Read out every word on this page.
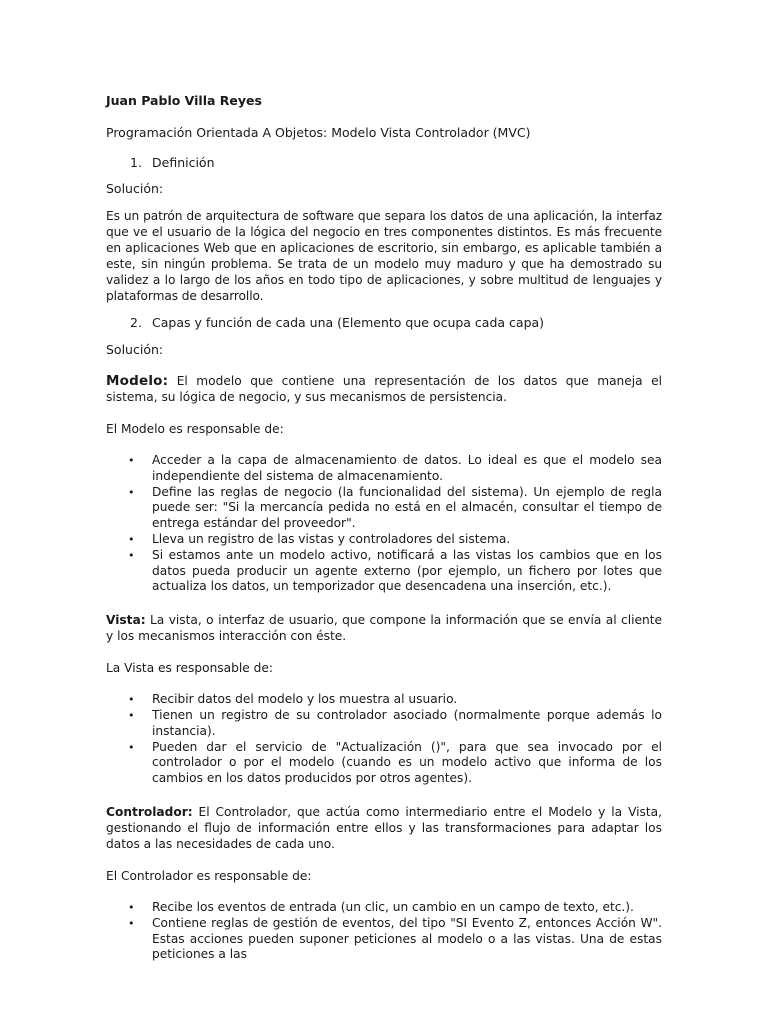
Juan Pablo Villa Reyes

Programación Orientada A Objetos: Modelo Vista Controlador (MVC)

1. Definición

Solución:

Es un patrón de arquitectura de software que separa los datos de una aplicación, la interfaz que ve el usuario de la lógica del negocio en tres componentes distintos. Es más frecuente en aplicaciones Web que en aplicaciones de escritorio, sin embargo, es aplicable también a este, sin ningún problema. Se trata de un modelo muy maduro y que ha demostrado su validez a lo largo de los años en todo tipo de aplicaciones, y sobre multitud de lenguajes y plataformas de desarrollo.

2. Capas y función de cada una (Elemento que ocupa cada capa)

Solución:

Modelo: El modelo que contiene una representación de los datos que maneja el sistema, su lógica de negocio, y sus mecanismos de persistencia.

El Modelo es responsable de:

• Acceder a la capa de almacenamiento de datos. Lo ideal es que el modelo sea independiente del sistema de almacenamiento.
• Define las reglas de negocio (la funcionalidad del sistema). Un ejemplo de regla puede ser: "Si la mercancía pedida no está en el almacén, consultar el tiempo de entrega estándar del proveedor".
• Lleva un registro de las vistas y controladores del sistema.
• Si estamos ante un modelo activo, notificará a las vistas los cambios que en los datos pueda producir un agente externo (por ejemplo, un fichero por lotes que actualiza los datos, un temporizador que desencadena una inserción, etc.).

Vista: La vista, o interfaz de usuario, que compone la información que se envía al cliente y los mecanismos interacción con éste.

La Vista es responsable de:

• Recibir datos del modelo y los muestra al usuario.
• Tienen un registro de su controlador asociado (normalmente porque además lo instancia).
• Pueden dar el servicio de "Actualización ()", para que sea invocado por el controlador o por el modelo (cuando es un modelo activo que informa de los cambios en los datos producidos por otros agentes).

Controlador: El Controlador, que actúa como intermediario entre el Modelo y la Vista, gestionando el flujo de información entre ellos y las transformaciones para adaptar los datos a las necesidades de cada uno.

El Controlador es responsable de:

• Recibe los eventos de entrada (un clic, un cambio en un campo de texto, etc.).
• Contiene reglas de gestión de eventos, del tipo "SI Evento Z, entonces Acción W". Estas acciones pueden suponer peticiones al modelo o a las vistas. Una de estas peticiones a las
